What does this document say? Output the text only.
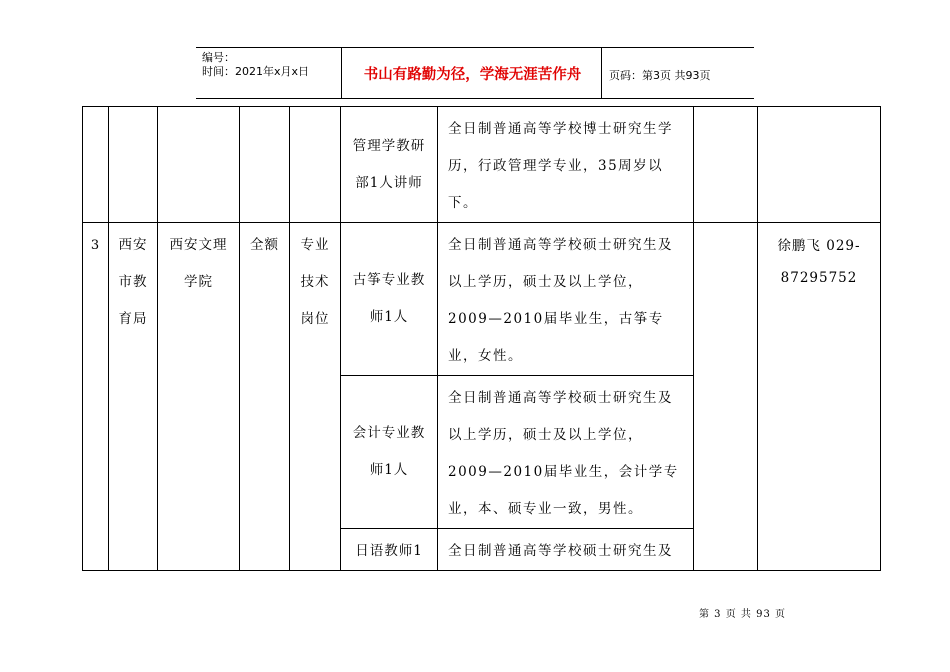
编号：
时间：2021年x月x日	书山有路勤为径，学海无涯苦作舟	页码：第3页 共93页

					管理学教研部1人讲师	全日制普通高等学校博士研究生学历，行政管理学专业，35周岁以下。		
3	西安市教育局	西安文理学院	全额	专业技术岗位	古筝专业教师1人	全日制普通高等学校硕士研究生及以上学历，硕士及以上学位，2009—2010届毕业生，古筝专业，女性。		徐鹏飞 029-87295752

					会计专业教师1人	全日制普通高等学校硕士研究生及以上学历，硕士及以上学位，2009—2010届毕业生，会计学专业，本、硕专业一致，男性。		

					日语教师1	全日制普通高等学校硕士研究生及		
第 3 页 共 93 页
